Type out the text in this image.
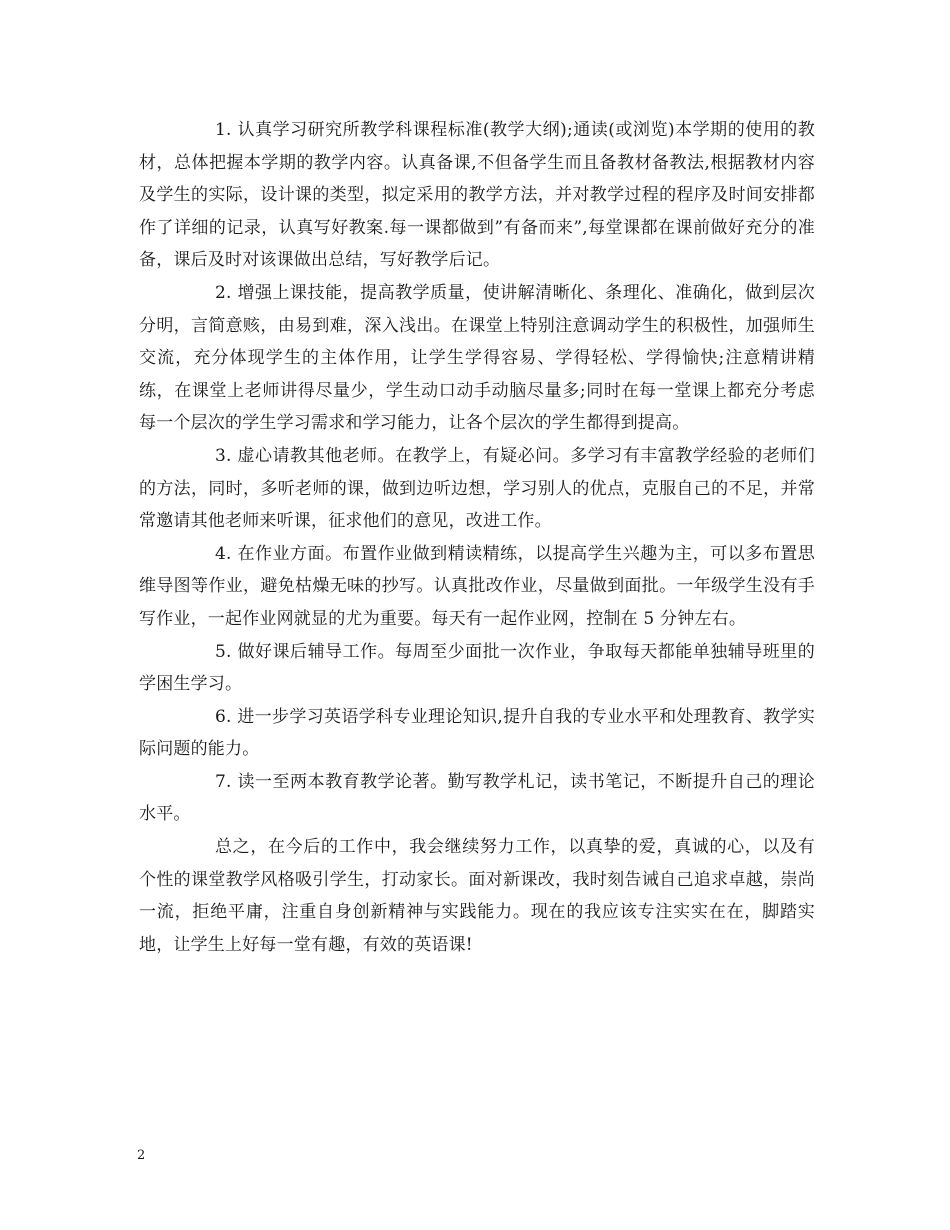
1. 认真学习研究所教学科课程标准(教学大纲);通读(或浏览)本学期的使用的教材，总体把握本学期的教学内容。认真备课,不但备学生而且备教材备教法,根据教材内容及学生的实际，设计课的类型，拟定采用的教学方法，并对教学过程的程序及时间安排都作了详细的记录，认真写好教案.每一课都做到”有备而来”,每堂课都在课前做好充分的准备，课后及时对该课做出总结，写好教学后记。

2. 增强上课技能，提高教学质量，使讲解清晰化、条理化、准确化，做到层次分明，言简意赅，由易到难，深入浅出。在课堂上特别注意调动学生的积极性，加强师生交流，充分体现学生的主体作用，让学生学得容易、学得轻松、学得愉快;注意精讲精练，在课堂上老师讲得尽量少，学生动口动手动脑尽量多;同时在每一堂课上都充分考虑每一个层次的学生学习需求和学习能力，让各个层次的学生都得到提高。

3. 虚心请教其他老师。在教学上，有疑必问。多学习有丰富教学经验的老师们的方法，同时，多听老师的课，做到边听边想，学习别人的优点，克服自己的不足，并常常邀请其他老师来听课，征求他们的意见，改进工作。

4. 在作业方面。布置作业做到精读精练，以提高学生兴趣为主，可以多布置思维导图等作业，避免枯燥无味的抄写。认真批改作业，尽量做到面批。一年级学生没有手写作业，一起作业网就显的尤为重要。每天有一起作业网，控制在 5 分钟左右。

5. 做好课后辅导工作。每周至少面批一次作业，争取每天都能单独辅导班里的学困生学习。

6. 进一步学习英语学科专业理论知识,提升自我的专业水平和处理教育、教学实际问题的能力。

7. 读一至两本教育教学论著。勤写教学札记，读书笔记，不断提升自己的理论水平。

总之，在今后的工作中，我会继续努力工作，以真挚的爱，真诚的心，以及有个性的课堂教学风格吸引学生，打动家长。面对新课改，我时刻告诫自己追求卓越，崇尚一流，拒绝平庸，注重自身创新精神与实践能力。现在的我应该专注实实在在，脚踏实地，让学生上好每一堂有趣，有效的英语课!

2
